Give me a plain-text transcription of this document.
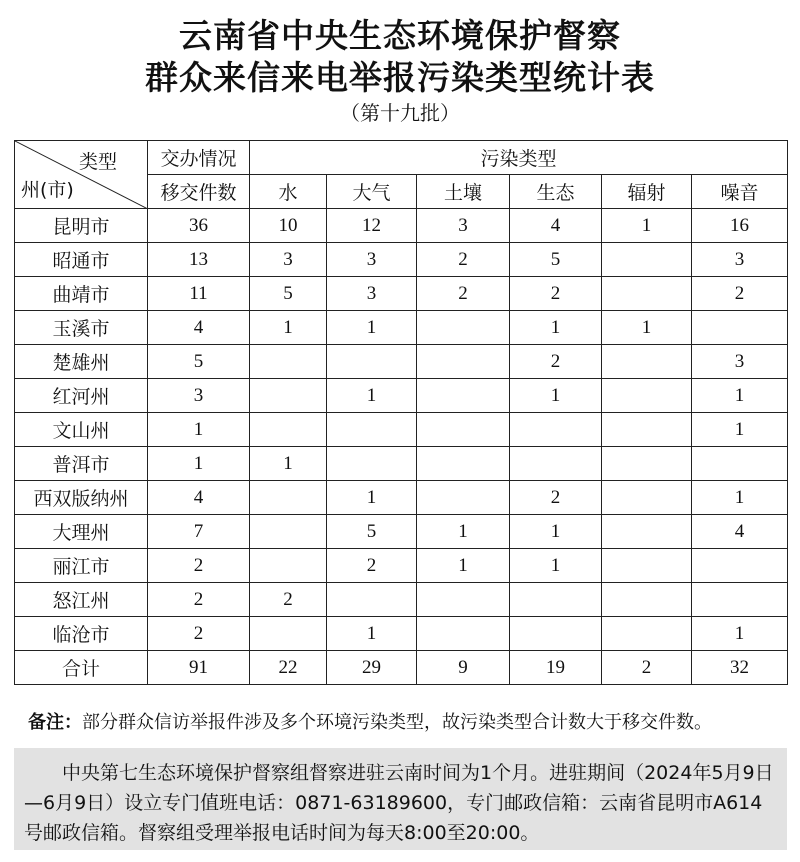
云南省中央生态环境保护督察
群众来信来电举报污染类型统计表
（第十九批）
类型
州(市)	交办情况	污染类型					
	移交件数	水	大气	土壤	生态	辐射	噪音
昆明市	36	10	12	3	4	1	16
昭通市	13	3	3	2	5		3
曲靖市	11	5	3	2	2		2
玉溪市	4	1	1		1	1	
楚雄州	5				2		3
红河州	3		1		1		1
文山州	1						1
普洱市	1	1					
西双版纳州	4		1		2		1
大理州	7		5	1	1		4
丽江市	2		2	1	1		
怒江州	2	2					
临沧市	2		1				1
合计	91	22	29	9	19	2	32
备注：部分群众信访举报件涉及多个环境污染类型，故污染类型合计数大于移交件数。

中央第七生态环境保护督察组督察进驻云南时间为1个月。进驻期间（2024年5月9日—6月9日）设立专门值班电话：0871-63189600，专门邮政信箱：云南省昆明市A614号邮政信箱。督察组受理举报电话时间为每天8:00至20:00。
